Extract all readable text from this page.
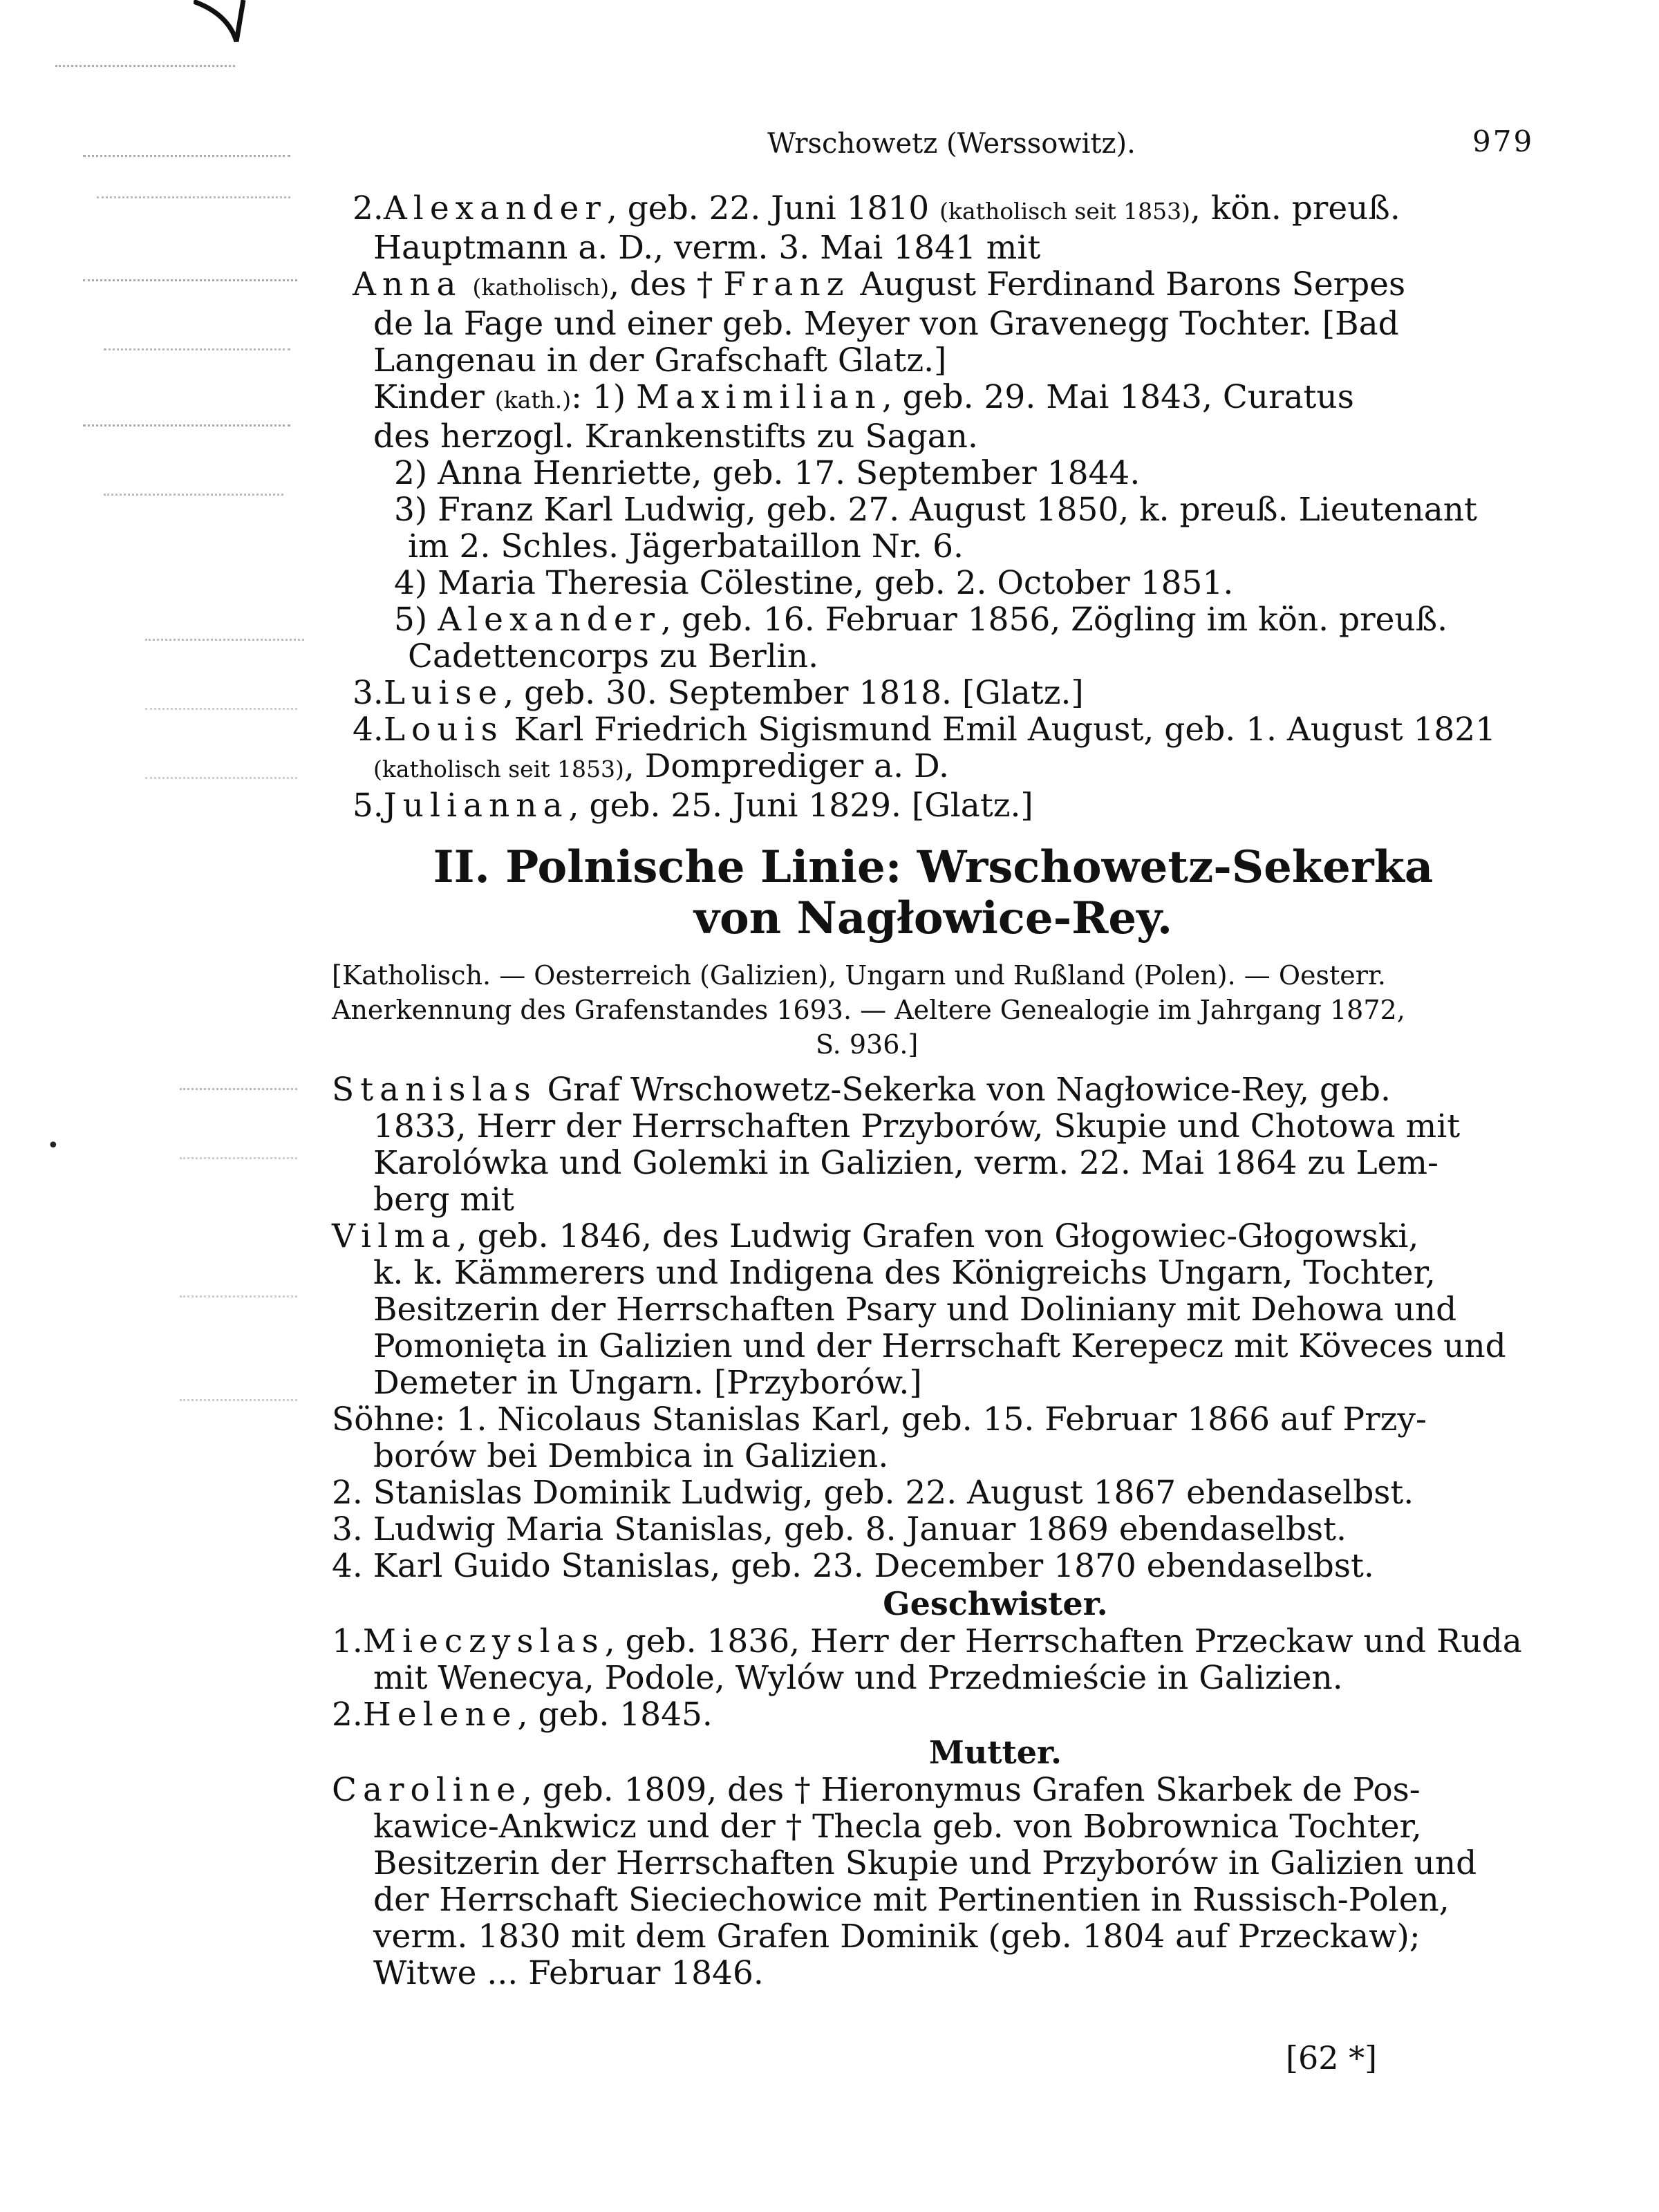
Wrschowetz (Werssowitz).	979
2.Alexander, geb. 22. Juni 1810 (katholisch seit 1853), kön. preuß.
Hauptmann a. D., verm. 3. Mai 1841 mit
Anna (katholisch), des † Franz August Ferdinand Barons Serpes
de la Fage und einer geb. Meyer von Gravenegg Tochter. [Bad
Langenau in der Grafschaft Glatz.]
Kinder (kath.): 1) Maximilian, geb. 29. Mai 1843, Curatus
des herzogl. Krankenstifts zu Sagan.
2) Anna Henriette, geb. 17. September 1844.
3) Franz Karl Ludwig, geb. 27. August 1850, k. preuß. Lieutenant
im 2. Schles. Jägerbataillon Nr. 6.
4) Maria Theresia Cölestine, geb. 2. October 1851.
5) Alexander, geb. 16. Februar 1856, Zögling im kön. preuß.
Cadettencorps zu Berlin.
3.Luise, geb. 30. September 1818. [Glatz.]
4.Louis Karl Friedrich Sigismund Emil August, geb. 1. August 1821
(katholisch seit 1853), Domprediger a. D.
5.Julianna, geb. 25. Juni 1829. [Glatz.]
II. Polnische Linie: Wrschowetz-Sekerka
von Nagłowice-Rey.
[Katholisch. — Oesterreich (Galizien), Ungarn und Rußland (Polen). — Oesterr.
Anerkennung des Grafenstandes 1693. — Aeltere Genealogie im Jahrgang 1872,
S. 936.]
Stanislas Graf Wrschowetz-Sekerka von Nagłowice-Rey, geb.
1833, Herr der Herrschaften Przyborów, Skupie und Chotowa mit
Karolówka und Golemki in Galizien, verm. 22. Mai 1864 zu Lem-
berg mit
Vilma, geb. 1846, des Ludwig Grafen von Głogowiec-Głogowski,
k. k. Kämmerers und Indigena des Königreichs Ungarn, Tochter,
Besitzerin der Herrschaften Psary und Doliniany mit Dehowa und
Pomonięta in Galizien und der Herrschaft Kerepecz mit Köveces und
Demeter in Ungarn. [Przyborów.]
Söhne: 1. Nicolaus Stanislas Karl, geb. 15. Februar 1866 auf Przy-
borów bei Dembica in Galizien.
2. Stanislas Dominik Ludwig, geb. 22. August 1867 ebendaselbst.
3. Ludwig Maria Stanislas, geb. 8. Januar 1869 ebendaselbst.
4. Karl Guido Stanislas, geb. 23. December 1870 ebendaselbst.
Geschwister.
1.Mieczyslas, geb. 1836, Herr der Herrschaften Przeckaw und Ruda
mit Wenecya, Podole, Wylów und Przedmieście in Galizien.
2.Helene, geb. 1845.
Mutter.
Caroline, geb. 1809, des † Hieronymus Grafen Skarbek de Pos-
kawice-Ankwicz und der † Thecla geb. von Bobrownica Tochter,
Besitzerin der Herrschaften Skupie und Przyborów in Galizien und
der Herrschaft Sieciechowice mit Pertinentien in Russisch-Polen,
verm. 1830 mit dem Grafen Dominik (geb. 1804 auf Przeckaw);
Witwe ... Februar 1846.
•
[62 *]
